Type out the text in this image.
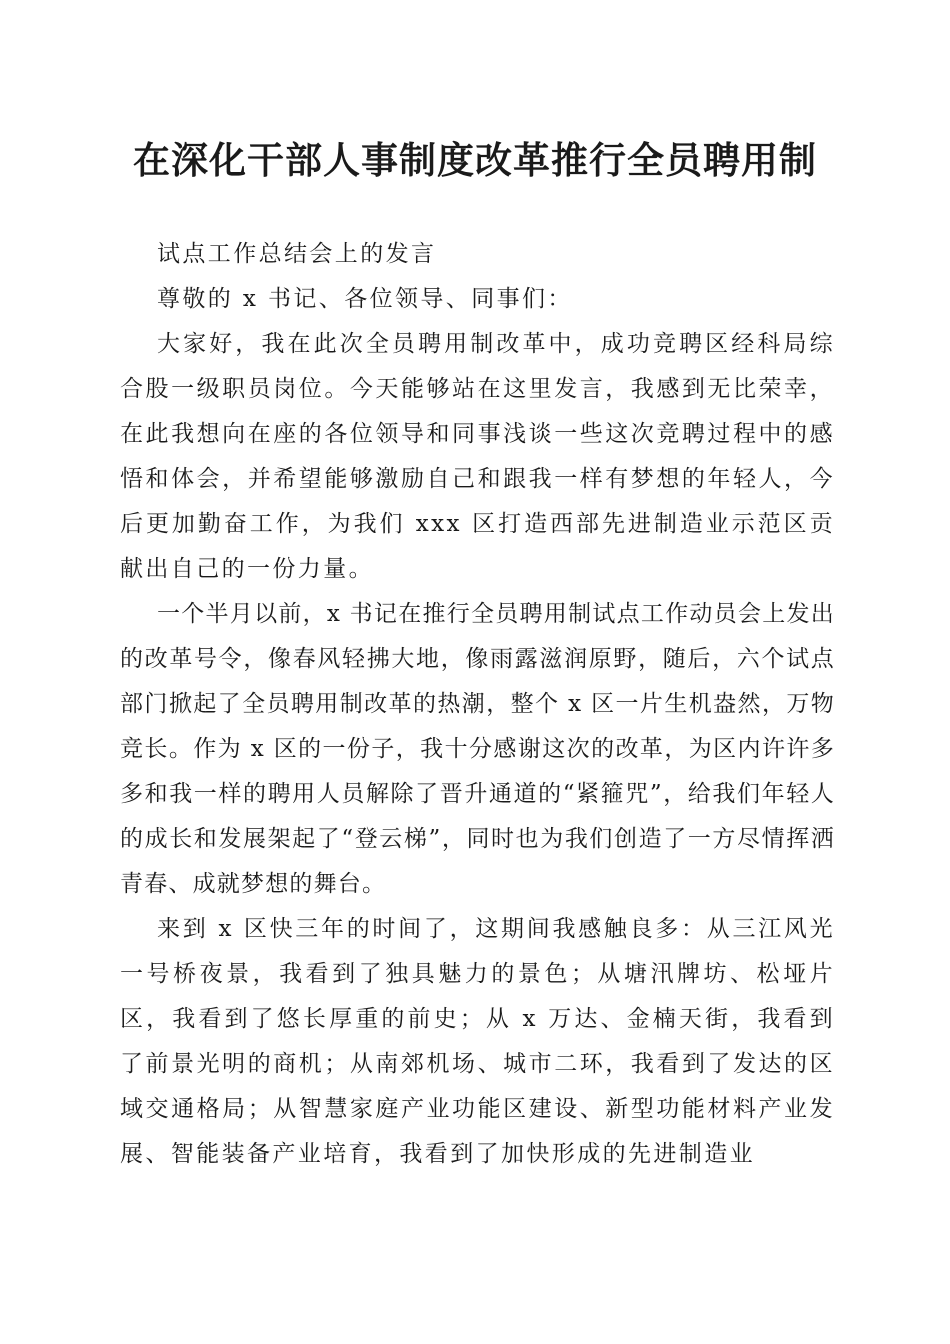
在深化干部人事制度改革推行全员聘用制

试点工作总结会上的发言

尊敬的 x 书记、各位领导、同事们：

大家好，我在此次全员聘用制改革中，成功竞聘区经科局综合股一级职员岗位。今天能够站在这里发言，我感到无比荣幸，在此我想向在座的各位领导和同事浅谈一些这次竞聘过程中的感悟和体会，并希望能够激励自己和跟我一样有梦想的年轻人，今后更加勤奋工作，为我们 xxx 区打造西部先进制造业示范区贡献出自己的一份力量。

一个半月以前，x 书记在推行全员聘用制试点工作动员会上发出的改革号令，像春风轻拂大地，像雨露滋润原野，随后，六个试点部门掀起了全员聘用制改革的热潮，整个 x 区一片生机盎然，万物竞长。作为 x 区的一份子，我十分感谢这次的改革，为区内许许多多和我一样的聘用人员解除了晋升通道的“紧箍咒”，给我们年轻人的成长和发展架起了“登云梯”，同时也为我们创造了一方尽情挥洒青春、成就梦想的舞台。

来到 x 区快三年的时间了，这期间我感触良多：从三江风光一号桥夜景，我看到了独具魅力的景色；从塘汛牌坊、松垭片区，我看到了悠长厚重的前史；从 x 万达、金楠天街，我看到了前景光明的商机；从南郊机场、城市二环，我看到了发达的区域交通格局；从智慧家庭产业功能区建设、新型功能材料产业发展、智能装备产业培育，我看到了加快形成的先进制造业
